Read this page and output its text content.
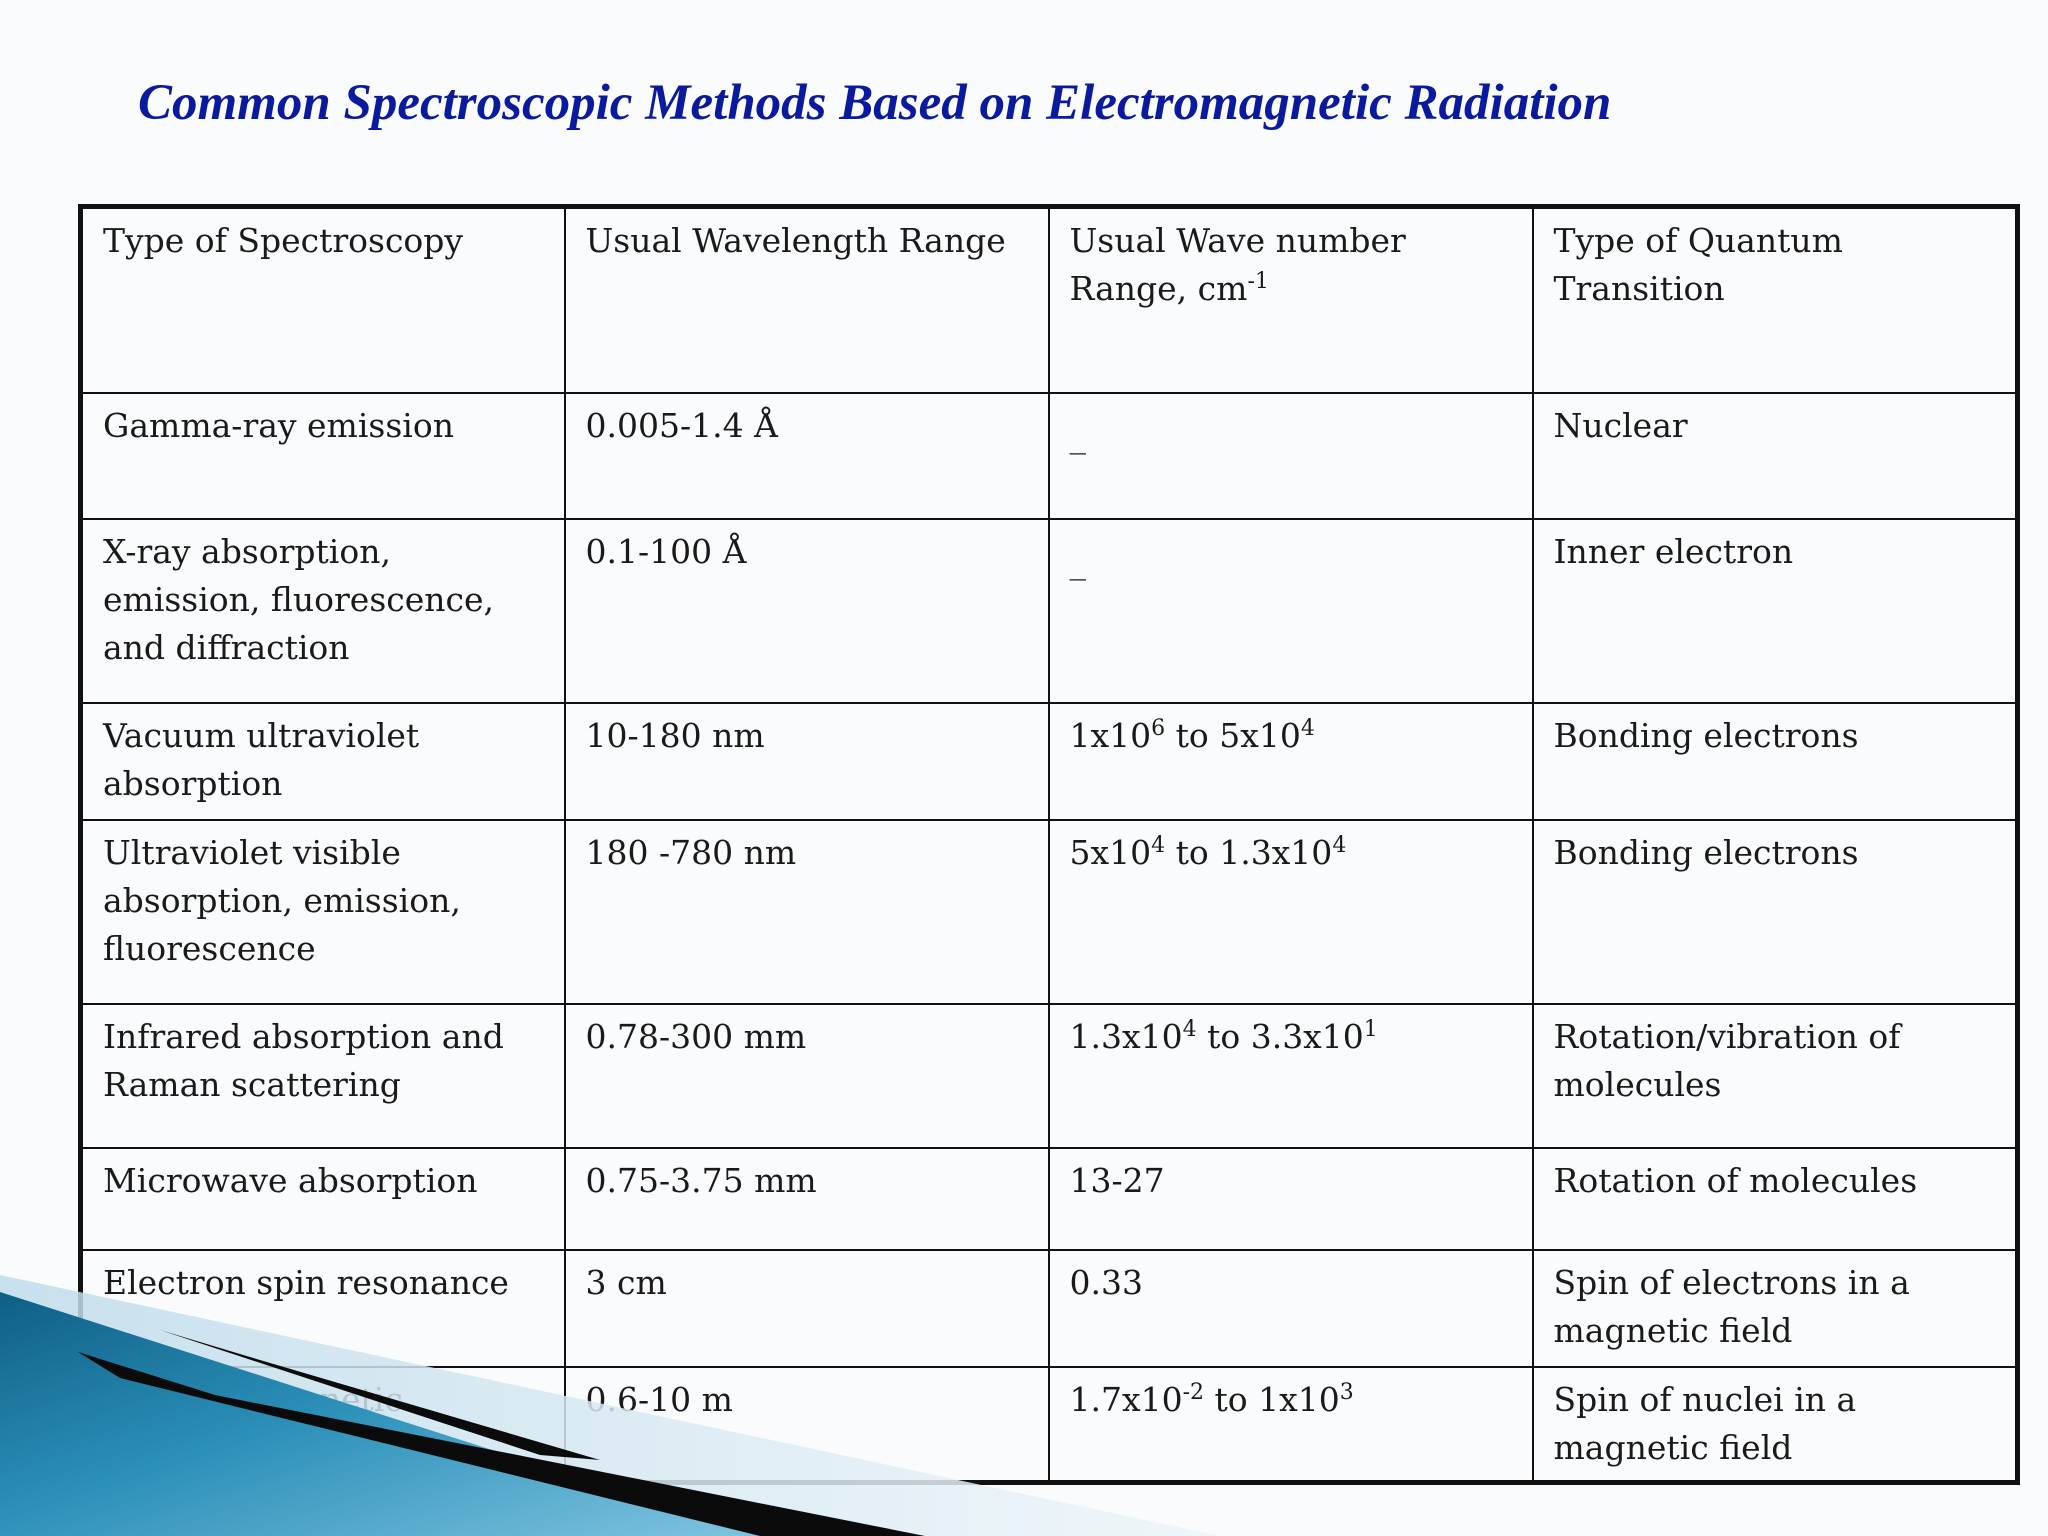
Common Spectroscopic Methods Based on Electromagnetic Radiation
Type of Spectroscopy	Usual Wavelength Range	Usual Wave number Range, $cm^{-1}$	Type of Quantum Transition
Gamma-ray emission	0.005-1.4 Å	_	Nuclear
X-ray absorption, emission, fluorescence, and diffraction	0.1-100 Å	_	Inner electron
Vacuum ultraviolet absorption	10-180 nm	$1x10^6$ to $5x10^4$	Bonding electrons
Ultraviolet visible absorption, emission, fluorescence	180 -780 nm	$5x10^4$ to $1.3x10^4$	Bonding electrons
Infrared absorption and Raman scattering	0.78-300 mm	$1.3x10^4$ to $3.3x10^1$	Rotation/vibration of molecules
Microwave absorption	0.75-3.75 mm	13-27	Rotation of molecules
Electron spin resonance	3 cm	0.33	Spin of electrons in a magnetic field
	0.6-10 m	$1.7x10^{-2}$ to $1x10^3$	Spin of nuclei in a magnetic field
